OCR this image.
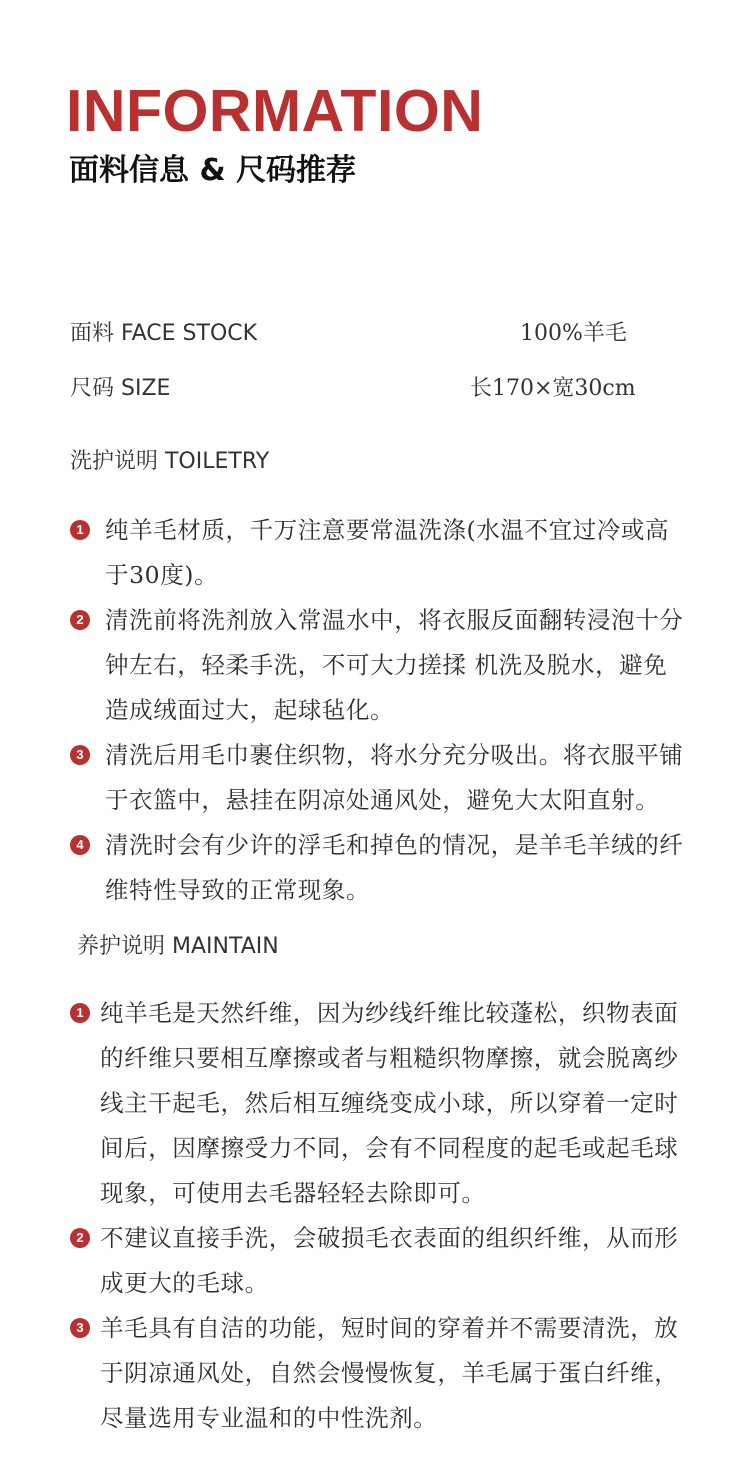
INFORMATION
面料信息 & 尺码推荐
面料 FACE STOCK	100%羊毛
尺码 SIZE	长170×宽30cm
洗护说明 TOILETRY
1 纯羊毛材质，千万注意要常温洗涤(水温不宜过冷或高于30度)。
2 清洗前将洗剂放入常温水中，将衣服反面翻转浸泡十分钟左右，轻柔手洗，不可大力搓揉 机洗及脱水，避免造成绒面过大，起球毡化。
3 清洗后用毛巾裹住织物，将水分充分吸出。将衣服平铺于衣篮中，悬挂在阴凉处通风处，避免大太阳直射。
4 清洗时会有少许的浮毛和掉色的情况，是羊毛羊绒的纤维特性导致的正常现象。
养护说明 MAINTAIN
1 纯羊毛是天然纤维，因为纱线纤维比较蓬松，织物表面的纤维只要相互摩擦或者与粗糙织物摩擦，就会脱离纱线主干起毛，然后相互缠绕变成小球，所以穿着一定时间后，因摩擦受力不同，会有不同程度的起毛或起毛球现象，可使用去毛器轻轻去除即可。
2 不建议直接手洗，会破损毛衣表面的组织纤维，从而形成更大的毛球。
3 羊毛具有自洁的功能，短时间的穿着并不需要清洗，放于阴凉通风处，自然会慢慢恢复，羊毛属于蛋白纤维，尽量选用专业温和的中性洗剂。
